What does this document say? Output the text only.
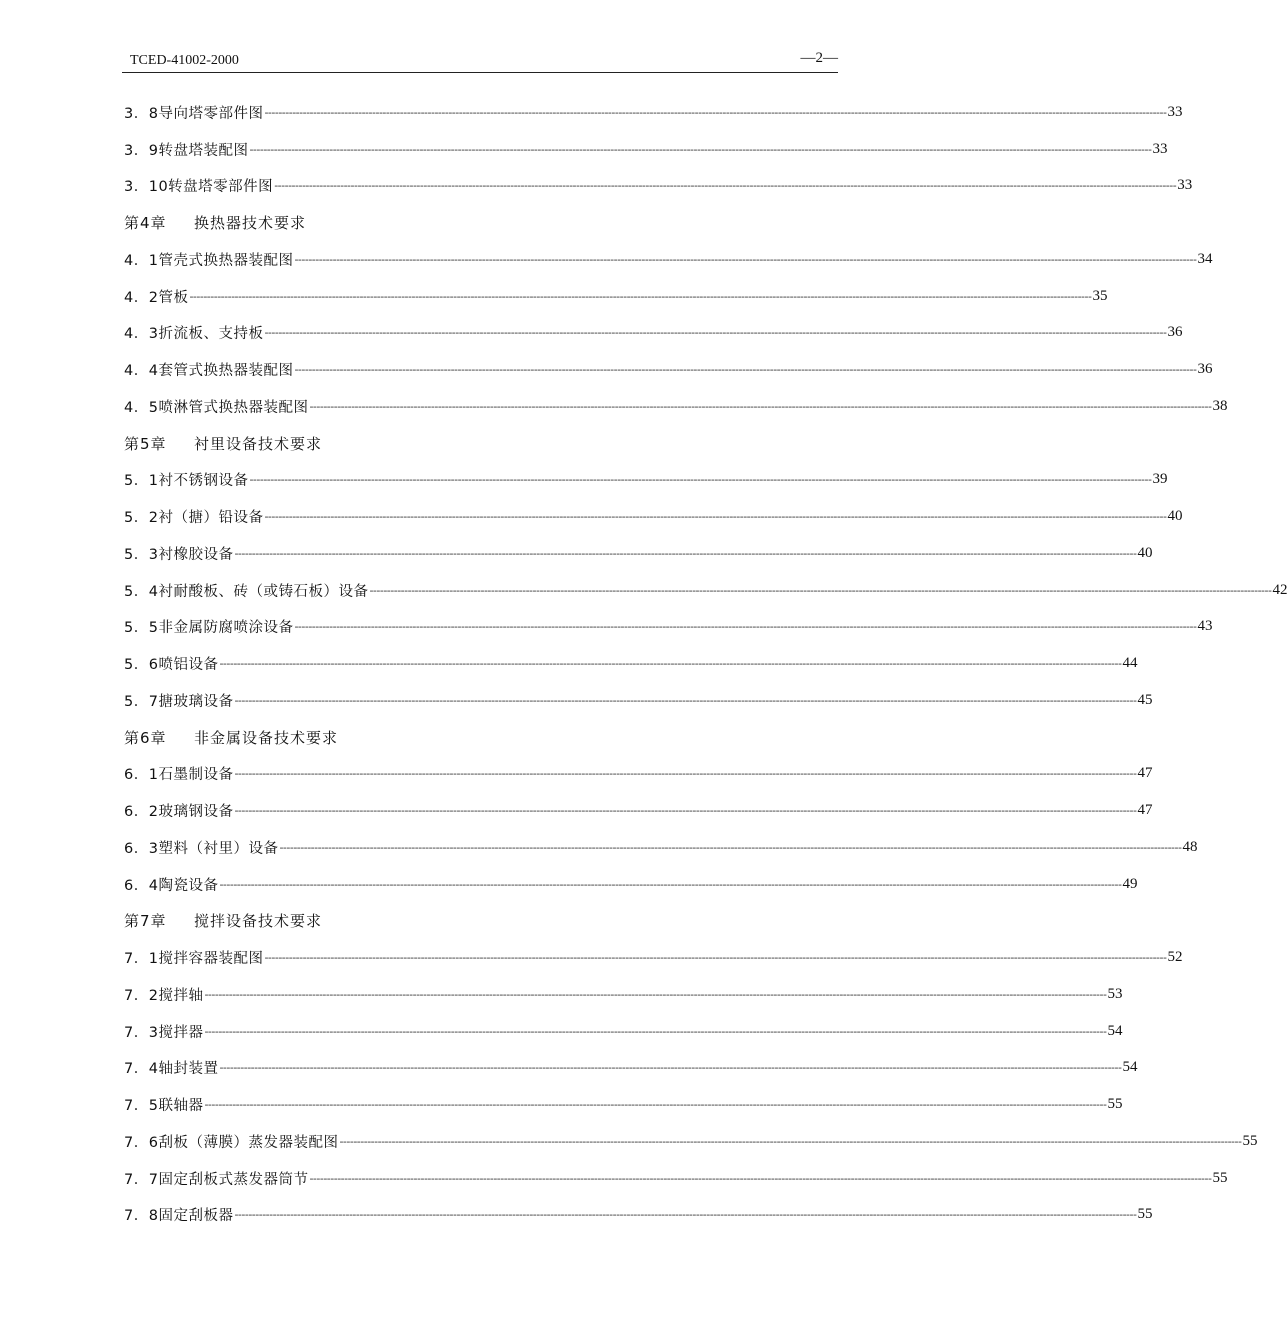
TCED-41002-2000	—2—
3．8导向塔零部件图 -------------------------------------------------------------------------------------------------------------------------------------------------------------------------------------------------------------------------------------------------------------------- 33
3．9转盘塔装配图 -------------------------------------------------------------------------------------------------------------------------------------------------------------------------------------------------------------------------------------------------------------------- 33
3．10转盘塔零部件图 -------------------------------------------------------------------------------------------------------------------------------------------------------------------------------------------------------------------------------------------------------------------- 33
第4章	换热器技术要求
4．1管壳式换热器装配图 -------------------------------------------------------------------------------------------------------------------------------------------------------------------------------------------------------------------------------------------------------------------- 34
4．2管板 -------------------------------------------------------------------------------------------------------------------------------------------------------------------------------------------------------------------------------------------------------------------- 35
4．3折流板、支持板 -------------------------------------------------------------------------------------------------------------------------------------------------------------------------------------------------------------------------------------------------------------------- 36
4．4套管式换热器装配图 -------------------------------------------------------------------------------------------------------------------------------------------------------------------------------------------------------------------------------------------------------------------- 36
4．5喷淋管式换热器装配图 -------------------------------------------------------------------------------------------------------------------------------------------------------------------------------------------------------------------------------------------------------------------- 38
第5章	衬里设备技术要求
5．1衬不锈钢设备 -------------------------------------------------------------------------------------------------------------------------------------------------------------------------------------------------------------------------------------------------------------------- 39
5．2衬（搪）铅设备 -------------------------------------------------------------------------------------------------------------------------------------------------------------------------------------------------------------------------------------------------------------------- 40
5．3衬橡胶设备 -------------------------------------------------------------------------------------------------------------------------------------------------------------------------------------------------------------------------------------------------------------------- 40
5．4衬耐酸板、砖（或铸石板）设备 -------------------------------------------------------------------------------------------------------------------------------------------------------------------------------------------------------------------------------------------------------------------- 42
5．5非金属防腐喷涂设备 -------------------------------------------------------------------------------------------------------------------------------------------------------------------------------------------------------------------------------------------------------------------- 43
5．6喷铝设备 -------------------------------------------------------------------------------------------------------------------------------------------------------------------------------------------------------------------------------------------------------------------- 44
5．7搪玻璃设备 -------------------------------------------------------------------------------------------------------------------------------------------------------------------------------------------------------------------------------------------------------------------- 45
第6章	非金属设备技术要求
6．1石墨制设备 -------------------------------------------------------------------------------------------------------------------------------------------------------------------------------------------------------------------------------------------------------------------- 47
6．2玻璃钢设备 -------------------------------------------------------------------------------------------------------------------------------------------------------------------------------------------------------------------------------------------------------------------- 47
6．3塑料（衬里）设备 -------------------------------------------------------------------------------------------------------------------------------------------------------------------------------------------------------------------------------------------------------------------- 48
6．4陶瓷设备 -------------------------------------------------------------------------------------------------------------------------------------------------------------------------------------------------------------------------------------------------------------------- 49
第7章	搅拌设备技术要求
7．1搅拌容器装配图 -------------------------------------------------------------------------------------------------------------------------------------------------------------------------------------------------------------------------------------------------------------------- 52
7．2搅拌轴 -------------------------------------------------------------------------------------------------------------------------------------------------------------------------------------------------------------------------------------------------------------------- 53
7．3搅拌器 -------------------------------------------------------------------------------------------------------------------------------------------------------------------------------------------------------------------------------------------------------------------- 54
7．4轴封装置 -------------------------------------------------------------------------------------------------------------------------------------------------------------------------------------------------------------------------------------------------------------------- 54
7．5联轴器 -------------------------------------------------------------------------------------------------------------------------------------------------------------------------------------------------------------------------------------------------------------------- 55
7．6刮板（薄膜）蒸发器装配图 -------------------------------------------------------------------------------------------------------------------------------------------------------------------------------------------------------------------------------------------------------------------- 55
7．7固定刮板式蒸发器筒节 -------------------------------------------------------------------------------------------------------------------------------------------------------------------------------------------------------------------------------------------------------------------- 55
7．8固定刮板器 -------------------------------------------------------------------------------------------------------------------------------------------------------------------------------------------------------------------------------------------------------------------- 55
